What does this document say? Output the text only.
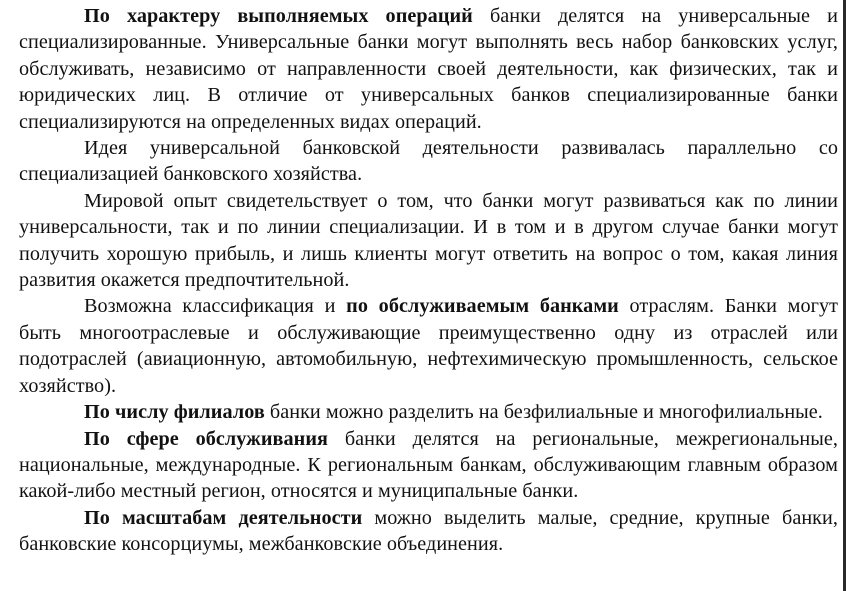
По характеру выполняемых операций банки делятся на универсальные и специализированные. Универсальные банки могут выполнять весь набор банковских услуг, обслуживать, независимо от направленности своей деятельности, как физических, так и юридических лиц. В отличие от универсальных банков специализированные банки специализируются на определенных видах операций.

Идея универсальной банковской деятельности развивалась параллельно со специализацией банковского хозяйства.

Мировой опыт свидетельствует о том, что банки могут развиваться как по линии универсальности, так и по линии специализации. И в том и в другом случае банки могут получить хорошую прибыль, и лишь клиенты могут ответить на вопрос о том, какая линия развития окажется предпочтительной.

Возможна классификация и по обслуживаемым банками отраслям. Банки могут быть многоотраслевые и обслуживающие преимущественно одну из отраслей или подотраслей (авиационную, автомобильную, нефтехимическую промышленность, сельское хозяйство).

По числу филиалов банки можно разделить на безфилиальные и многофилиальные.

По сфере обслуживания банки делятся на региональные, межрегиональные, национальные, международные. К региональным банкам, обслуживающим главным образом какой-либо местный регион, относятся и муниципальные банки.

По масштабам деятельности можно выделить малые, средние, крупные банки, банковские консорциумы, межбанковские объединения.
